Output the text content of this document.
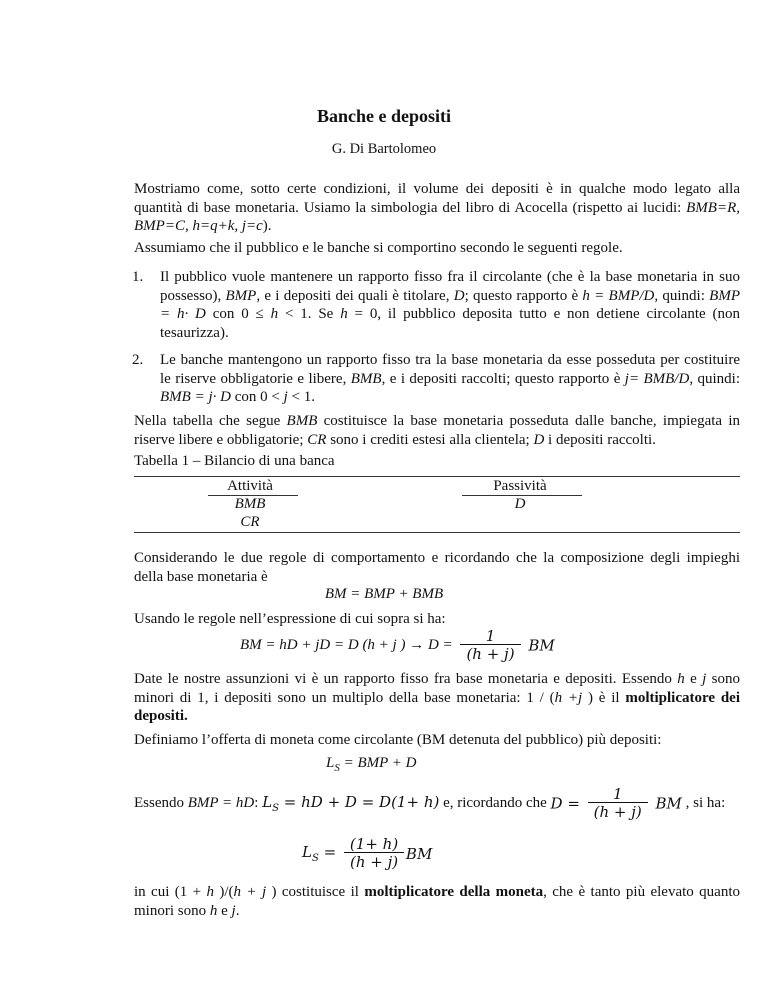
Banche e depositi
G. Di Bartolomeo
Mostriamo come, sotto certe condizioni, il volume dei depositi è in qualche modo legato alla quantità di base monetaria. Usiamo la simbologia del libro di Acocella (rispetto ai lucidi: BMB=R, BMP=C, h=q+k, j=c).
Assumiamo che il pubblico e le banche si comportino secondo le seguenti regole.
1. Il pubblico vuole mantenere un rapporto fisso fra il circolante (che è la base monetaria in suo possesso), BMP, e i depositi dei quali è titolare, D; questo rapporto è h = BMP/D, quindi: BMP = h· D con 0 ≤ h < 1. Se h = 0, il pubblico deposita tutto e non detiene circolante (non tesaurizza).
2. Le banche mantengono un rapporto fisso tra la base monetaria da esse posseduta per costituire le riserve obbligatorie e libere, BMB, e i depositi raccolti; questo rapporto è j= BMB/D, quindi: BMB = j· D con 0 < j < 1.
Nella tabella che segue BMB costituisce la base monetaria posseduta dalle banche, impiegata in riserve libere e obbligatorie; CR sono i crediti estesi alla clientela; D i depositi raccolti.
Tabella 1 – Bilancio di una banca
Attività
BMB
CR
Passività
D
Considerando le due regole di comportamento e ricordando che la composizione degli impieghi della base monetaria è
BM = BMP + BMB
Usando le regole nell’espressione di cui sopra si ha:
BM = hD + jD = D (h + j ) → $D = \frac{1}{(h + j)}$ BM
Date le nostre assunzioni vi è un rapporto fisso fra base monetaria e depositi. Essendo h e j sono minori di 1, i depositi sono un multiplo della base monetaria: 1 / (h +j ) è il moltiplicatore dei depositi.
Definiamo l’offerta di moneta come circolante (BM detenuta del pubblico) più depositi:
$L_S$ = BMP + D
Essendo BMP = hD: $L_S$ = hD + D = D(1+ h) e, ricordando che $D = \frac{1}{(h + j)}$ BM , si ha:
$L_S = \frac{(1+ h)}{(h + j)}$ BM
in cui (1 + h )/(h + j ) costituisce il moltiplicatore della moneta, che è tanto più elevato quanto minori sono h e j.
